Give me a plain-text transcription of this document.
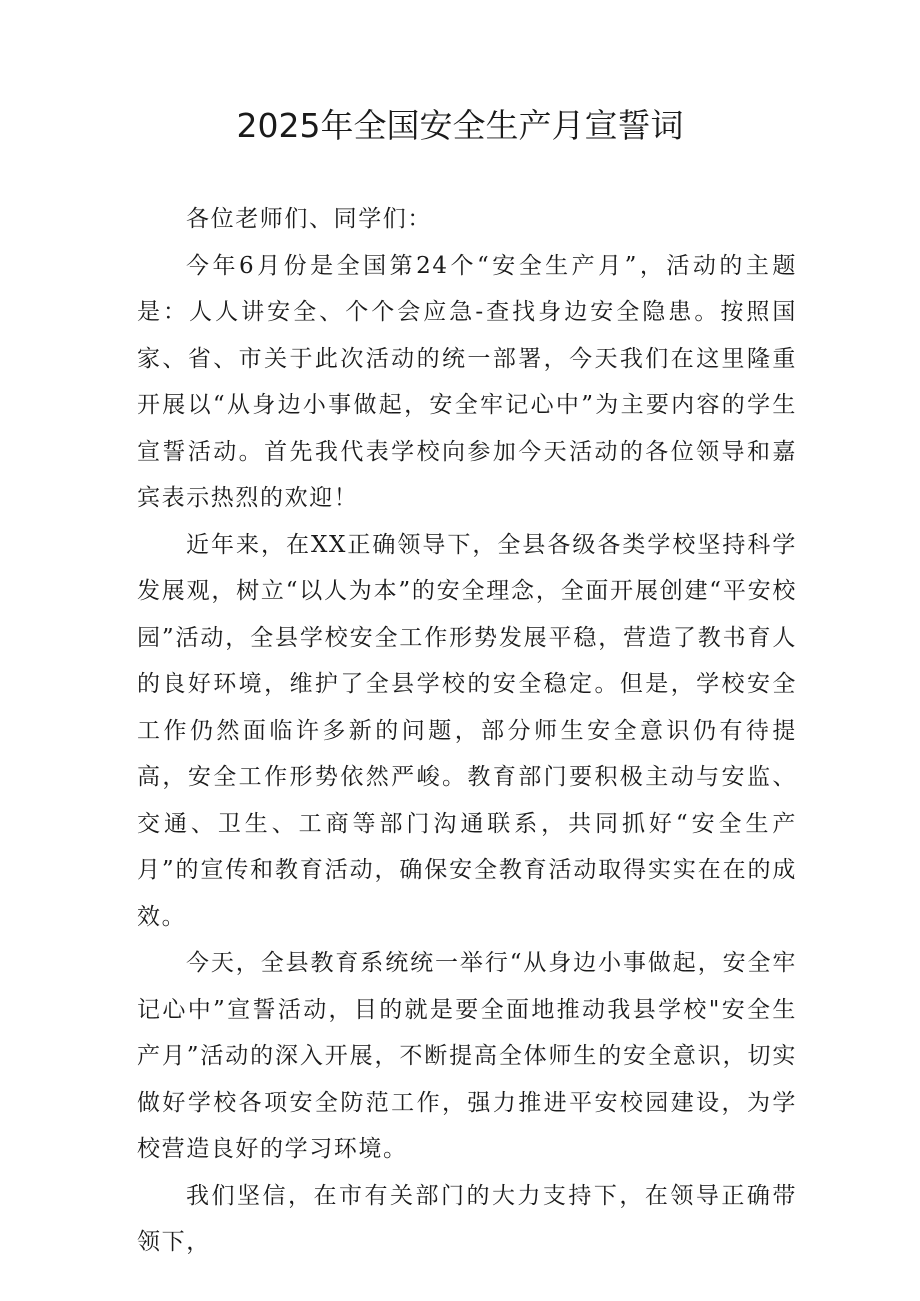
2025年全国安全生产月宣誓词

各位老师们、同学们：

今年6月份是全国第24个“安全生产月”，活动的主题是：人人讲安全、个个会应急-查找身边安全隐患。按照国家、省、市关于此次活动的统一部署，今天我们在这里隆重开展以“从身边小事做起，安全牢记心中”为主要内容的学生宣誓活动。首先我代表学校向参加今天活动的各位领导和嘉宾表示热烈的欢迎！

近年来，在XX正确领导下，全县各级各类学校坚持科学发展观，树立“以人为本”的安全理念，全面开展创建“平安校园”活动，全县学校安全工作形势发展平稳，营造了教书育人的良好环境，维护了全县学校的安全稳定。但是，学校安全工作仍然面临许多新的问题，部分师生安全意识仍有待提高，安全工作形势依然严峻。教育部门要积极主动与安监、交通、卫生、工商等部门沟通联系，共同抓好“安全生产月”的宣传和教育活动，确保安全教育活动取得实实在在的成效。

今天，全县教育系统统一举行“从身边小事做起，安全牢记心中”宣誓活动，目的就是要全面地推动我县学校"安全生产月”活动的深入开展，不断提高全体师生的安全意识，切实做好学校各项安全防范工作，强力推进平安校园建设，为学校营造良好的学习环境。

我们坚信，在市有关部门的大力支持下，在领导正确带领下，
